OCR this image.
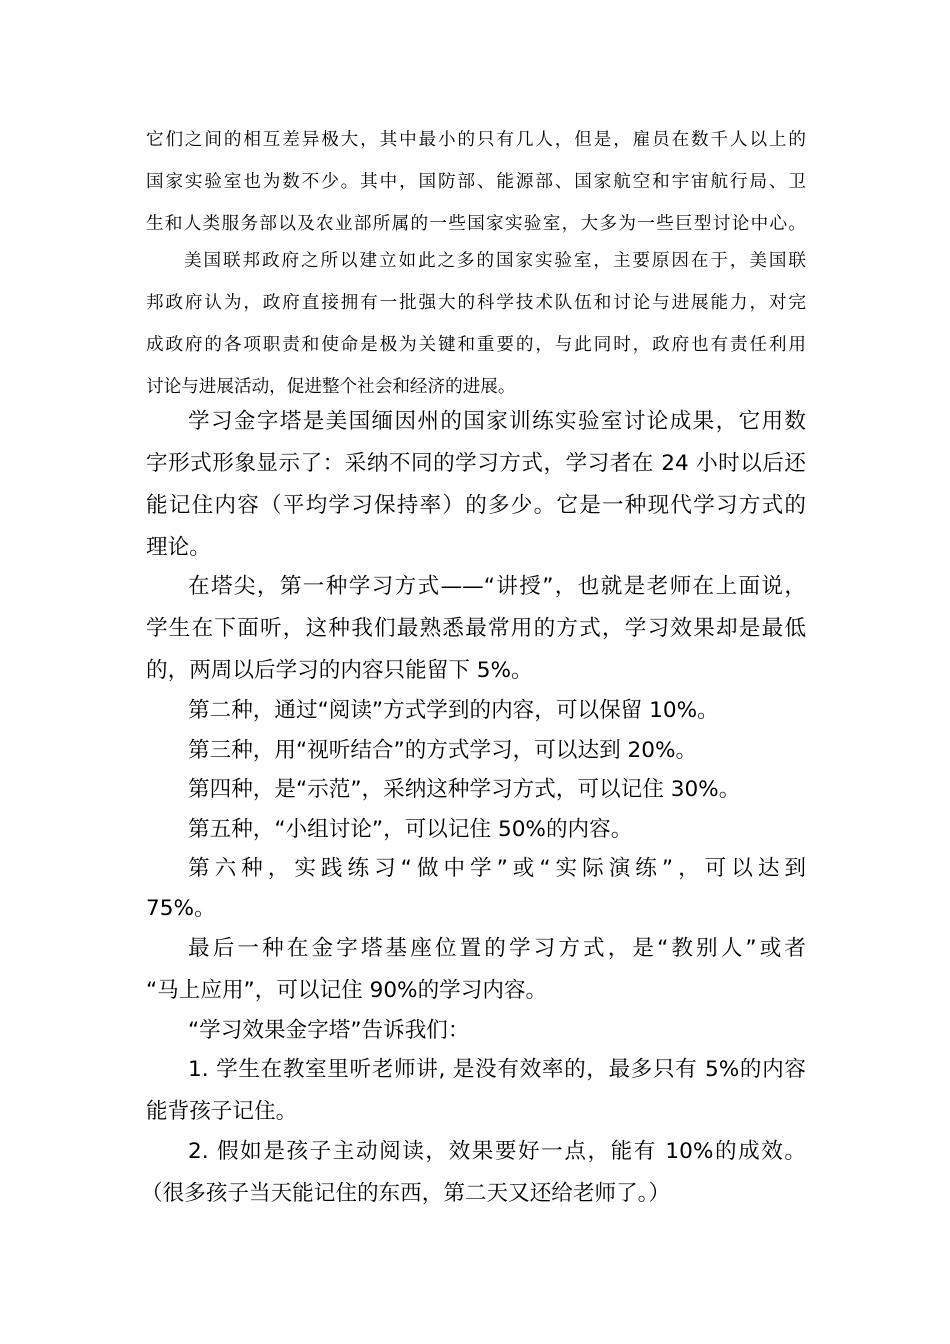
它们之间的相互差异极大，其中最小的只有几人，但是，雇员在数千人以上的
国家实验室也为数不少。其中，国防部、能源部、国家航空和宇宙航行局、卫
生和人类服务部以及农业部所属的一些国家实验室，大多为一些巨型讨论中心。
美国联邦政府之所以建立如此之多的国家实验室，主要原因在于，美国联
邦政府认为，政府直接拥有一批强大的科学技术队伍和讨论与进展能力，对完
成政府的各项职责和使命是极为关键和重要的，与此同时，政府也有责任利用
讨论与进展活动，促进整个社会和经济的进展。
学习金字塔是美国缅因州的国家训练实验室讨论成果，它用数
字形式形象显示了：采纳不同的学习方式，学习者在 24 小时以后还
能记住内容（平均学习保持率）的多少。它是一种现代学习方式的
理论。
在塔尖，第一种学习方式——“讲授”，也就是老师在上面说，
学生在下面听，这种我们最熟悉最常用的方式，学习效果却是最低
的，两周以后学习的内容只能留下 5%。
第二种，通过“阅读”方式学到的内容，可以保留 10%。
第三种，用“视听结合”的方式学习，可以达到 20%。
第四种，是“示范”，采纳这种学习方式，可以记住 30%。
第五种，“小组讨论”，可以记住 50%的内容。
第六种，实践练习“做中学”或“实际演练”，可以达到
75%。
最后一种在金字塔基座位置的学习方式，是“教别人”或者
“马上应用”，可以记住 90%的学习内容。
“学习效果金字塔”告诉我们：
1. 学生在教室里听老师讲, 是没有效率的，最多只有 5%的内容
能背孩子记住。
2. 假如是孩子主动阅读，效果要好一点，能有 10%的成效。
（很多孩子当天能记住的东西，第二天又还给老师了。）
